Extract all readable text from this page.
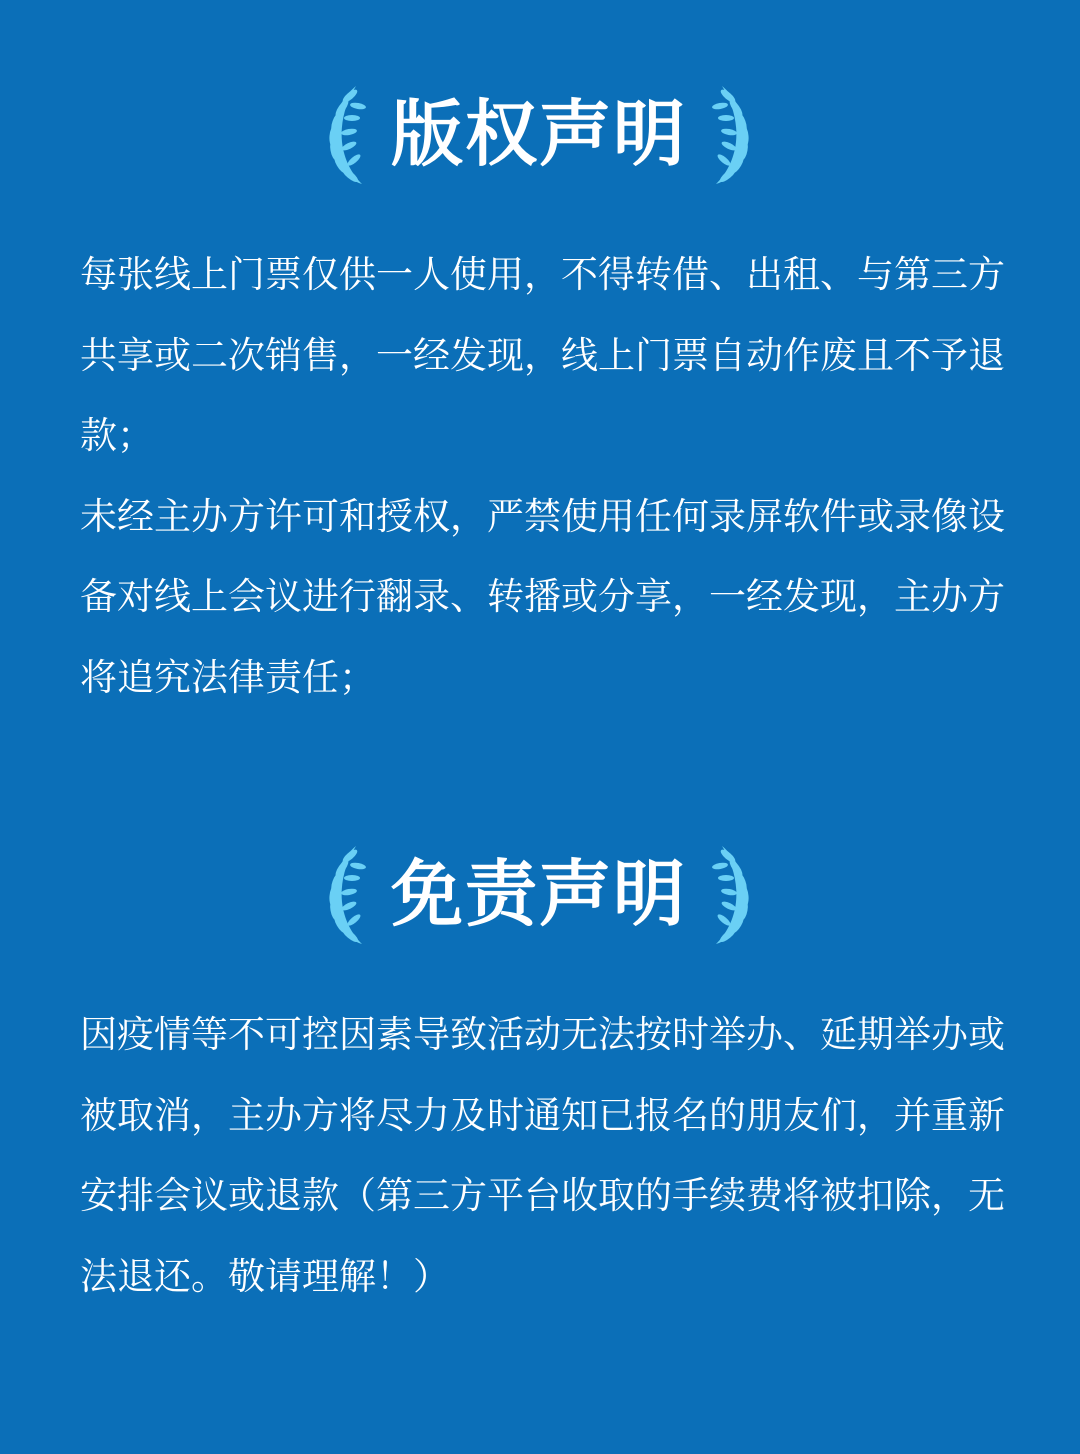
版权声明

每张线上门票仅供一人使用，不得转借、出租、与第三方共享或二次销售，一经发现，线上门票自动作废且不予退款；

未经主办方许可和授权，严禁使用任何录屏软件或录像设备对线上会议进行翻录、转播或分享，一经发现，主办方将追究法律责任；

免责声明

因疫情等不可控因素导致活动无法按时举办、延期举办或被取消，主办方将尽力及时通知已报名的朋友们，并重新安排会议或退款（第三方平台收取的手续费将被扣除，无法退还。敬请理解！）
